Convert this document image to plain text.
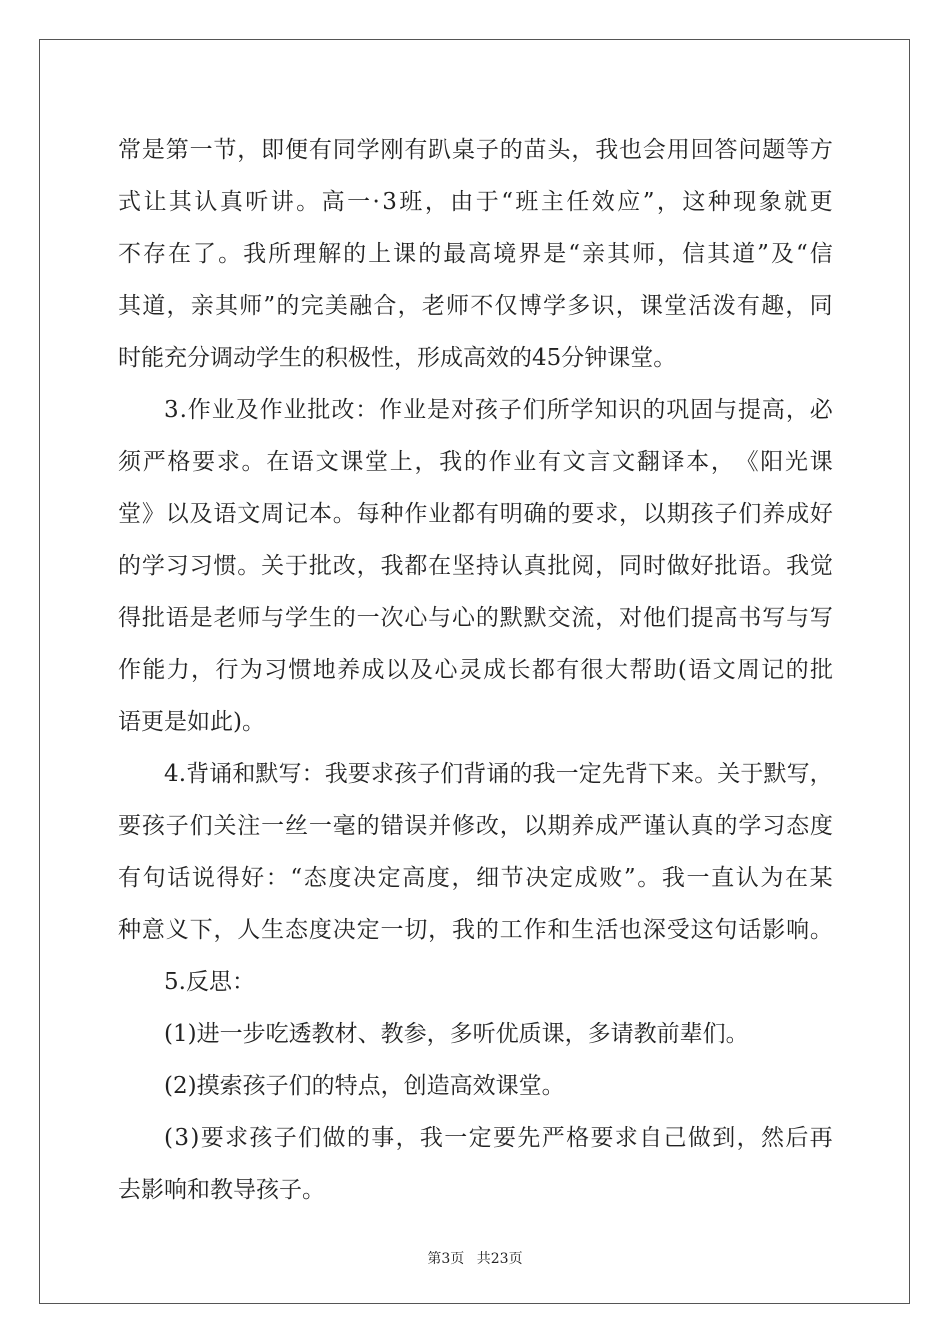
常 是 第 一 节 ， 即 便 有 同 学 刚 有 趴 桌 子 的 苗 头 ， 我 也 会 用 回 答 问 题 等 方
式 让 其 认 真 听 讲 。 高 一 · 3 班 ， 由 于 “ 班 主 任 效 应 ” ， 这 种 现 象 就 更
不 存 在 了 。 我 所 理 解 的 上 课 的 最 高 境 界 是 “ 亲 其 师 ， 信 其 道 ” 及 “ 信
其 道 ， 亲 其 师 ” 的 完 美 融 合 ， 老 师 不 仅 博 学 多 识 ， 课 堂 活 泼 有 趣 ， 同
时能充分调动学生的积极性，形成高效的45分钟课堂。
3 . 作 业 及 作 业 批 改 ： 作 业 是 对 孩 子 们 所 学 知 识 的 巩 固 与 提 高 ， 必
须 严 格 要 求 。 在 语 文 课 堂 上 ， 我 的 作 业 有 文 言 文 翻 译 本 ， 《 阳 光 课
堂 》 以 及 语 文 周 记 本 。 每 种 作 业 都 有 明 确 的 要 求 ， 以 期 孩 子 们 养 成 好
的 学 习 习 惯 。 关 于 批 改 ， 我 都 在 坚 持 认 真 批 阅 ， 同 时 做 好 批 语 。 我 觉
得 批 语 是 老 师 与 学 生 的 一 次 心 与 心 的 默 默 交 流 ， 对 他 们 提 高 书 写 与 写
作 能 力 ， 行 为 习 惯 地 养 成 以 及 心 灵 成 长 都 有 很 大 帮 助 ( 语 文 周 记 的 批
语更是如此)。
4 . 背 诵 和 默 写 ： 我 要 求 孩 子 们 背 诵 的 我 一 定 先 背 下 来 。 关 于 默 写 ，
要 孩 子 们 关 注 一 丝 一 毫 的 错 误 并 修 改 ， 以 期 养 成 严 谨 认 真 的 学 习 态 度
有 句 话 说 得 好 ： “ 态 度 决 定 高 度 ， 细 节 决 定 成 败 ” 。 我 一 直 认 为 在 某
种 意 义 下 ， 人 生 态 度 决 定 一 切 ， 我 的 工 作 和 生 活 也 深 受 这 句 话 影 响 。
5.反思：
(1)进一步吃透教材、教参，多听优质课，多请教前辈们。
(2)摸索孩子们的特点，创造高效课堂。
( 3 ) 要 求 孩 子 们 做 的 事 ， 我 一 定 要 先 严 格 要 求 自 己 做 到 ， 然 后 再
去影响和教导孩子。
第3页 共23页
